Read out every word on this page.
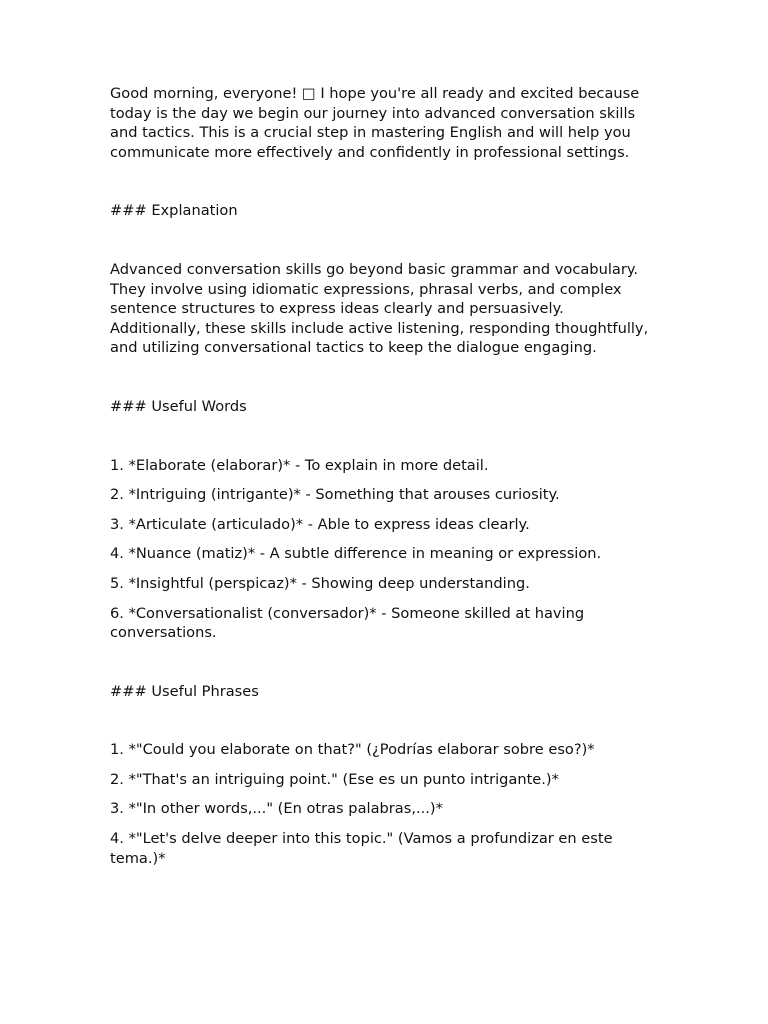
Good morning, everyone! □ I hope you're all ready and excited because today is the day we begin our journey into advanced conversation skills and tactics. This is a crucial step in mastering English and will help you communicate more effectively and confidently in professional settings.

### Explanation

Advanced conversation skills go beyond basic grammar and vocabulary. They involve using idiomatic expressions, phrasal verbs, and complex sentence structures to express ideas clearly and persuasively. Additionally, these skills include active listening, responding thoughtfully, and utilizing conversational tactics to keep the dialogue engaging.

### Useful Words

1. *Elaborate (elaborar)* - To explain in more detail.
2. *Intriguing (intrigante)* - Something that arouses curiosity.
3. *Articulate (articulado)* - Able to express ideas clearly.
4. *Nuance (matiz)* - A subtle difference in meaning or expression.
5. *Insightful (perspicaz)* - Showing deep understanding.
6. *Conversationalist (conversador)* - Someone skilled at having conversations.

### Useful Phrases

1. *"Could you elaborate on that?" (¿Podrías elaborar sobre eso?)*
2. *"That's an intriguing point." (Ese es un punto intrigante.)*
3. *"In other words,..." (En otras palabras,...)*
4. *"Let's delve deeper into this topic." (Vamos a profundizar en este tema.)*
